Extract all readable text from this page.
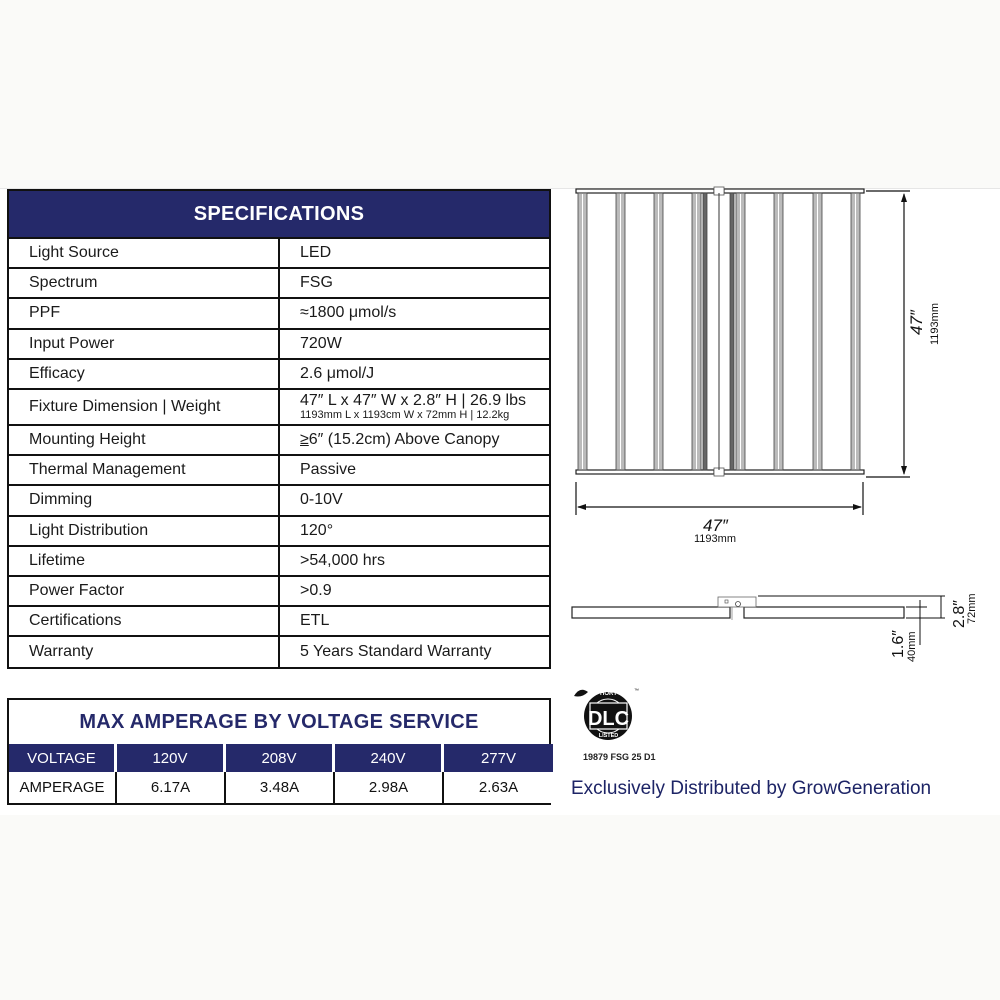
SPECIFICATIONS
Light Source	LED
Spectrum	FSG
PPF	≈1800 μmol/s
Input Power	720W
Efficacy	2.6 μmol/J
Fixture Dimension | Weight	47″ L x 47″ W x 2.8″ H | 26.9 lbs
1193mm L x 1193cm W x 72mm H | 12.2kg
Mounting Height	≥ 6″ (15.2cm) Above Canopy
Thermal Management	Passive
Dimming	0-10V
Light Distribution	120°
Lifetime	>54,000 hrs
Power Factor	>0.9
Certifications	ETL
Warranty	5 Years Standard Warranty
MAX AMPERAGE BY VOLTAGE SERVICE
VOLTAGE	120V	208V	240V	277V
AMPERAGE	6.17A	3.48A	2.98A	2.63A
47″ 1193mm
47″
1193mm
2.8″
72mm
1.6″ 40mm
HORT
DLC
LISTED
™
19879 FSG 25 D1
Exclusively Distributed by GrowGeneration
